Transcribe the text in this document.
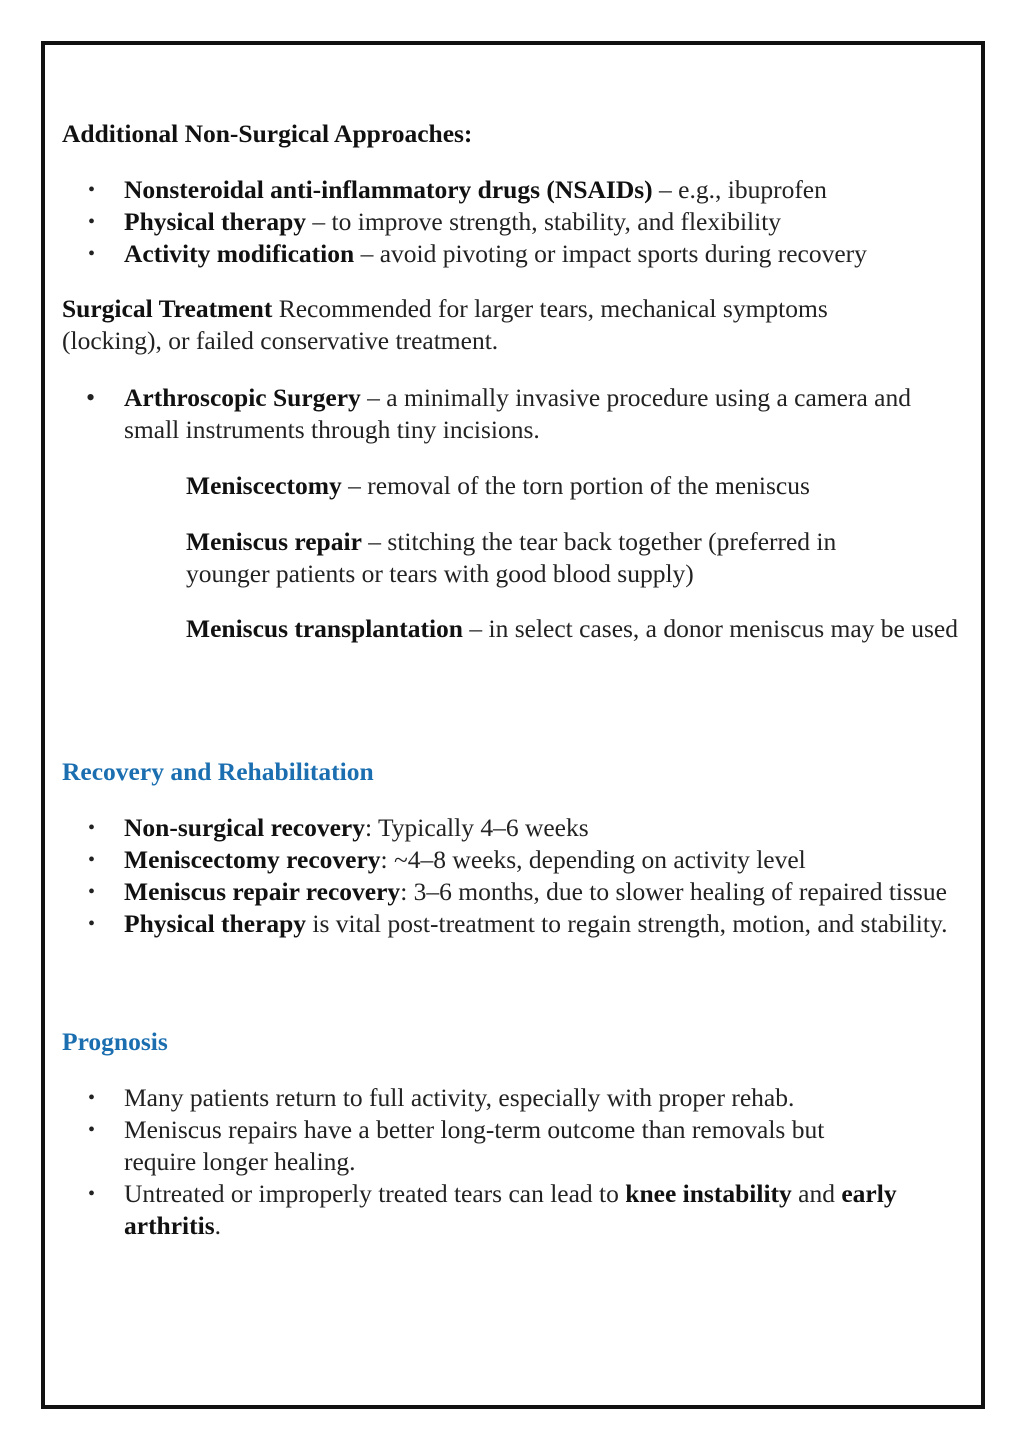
Additional Non-Surgical Approaches:
• Nonsteroidal anti-inflammatory drugs (NSAIDs) – e.g., ibuprofen
• Physical therapy – to improve strength, stability, and flexibility
• Activity modification – avoid pivoting or impact sports during recovery
Surgical Treatment Recommended for larger tears, mechanical symptoms (locking), or failed conservative treatment.
• Arthroscopic Surgery – a minimally invasive procedure using a camera and small instruments through tiny incisions.
Meniscectomy – removal of the torn portion of the meniscus
Meniscus repair – stitching the tear back together (preferred in younger patients or tears with good blood supply)
Meniscus transplantation – in select cases, a donor meniscus may be used
Recovery and Rehabilitation
• Non-surgical recovery: Typically 4–6 weeks
• Meniscectomy recovery: ~4–8 weeks, depending on activity level
• Meniscus repair recovery: 3–6 months, due to slower healing of repaired tissue
• Physical therapy is vital post-treatment to regain strength, motion, and stability.
Prognosis
• Many patients return to full activity, especially with proper rehab.
• Meniscus repairs have a better long-term outcome than removals but require longer healing.
• Untreated or improperly treated tears can lead to knee instability and early arthritis.
